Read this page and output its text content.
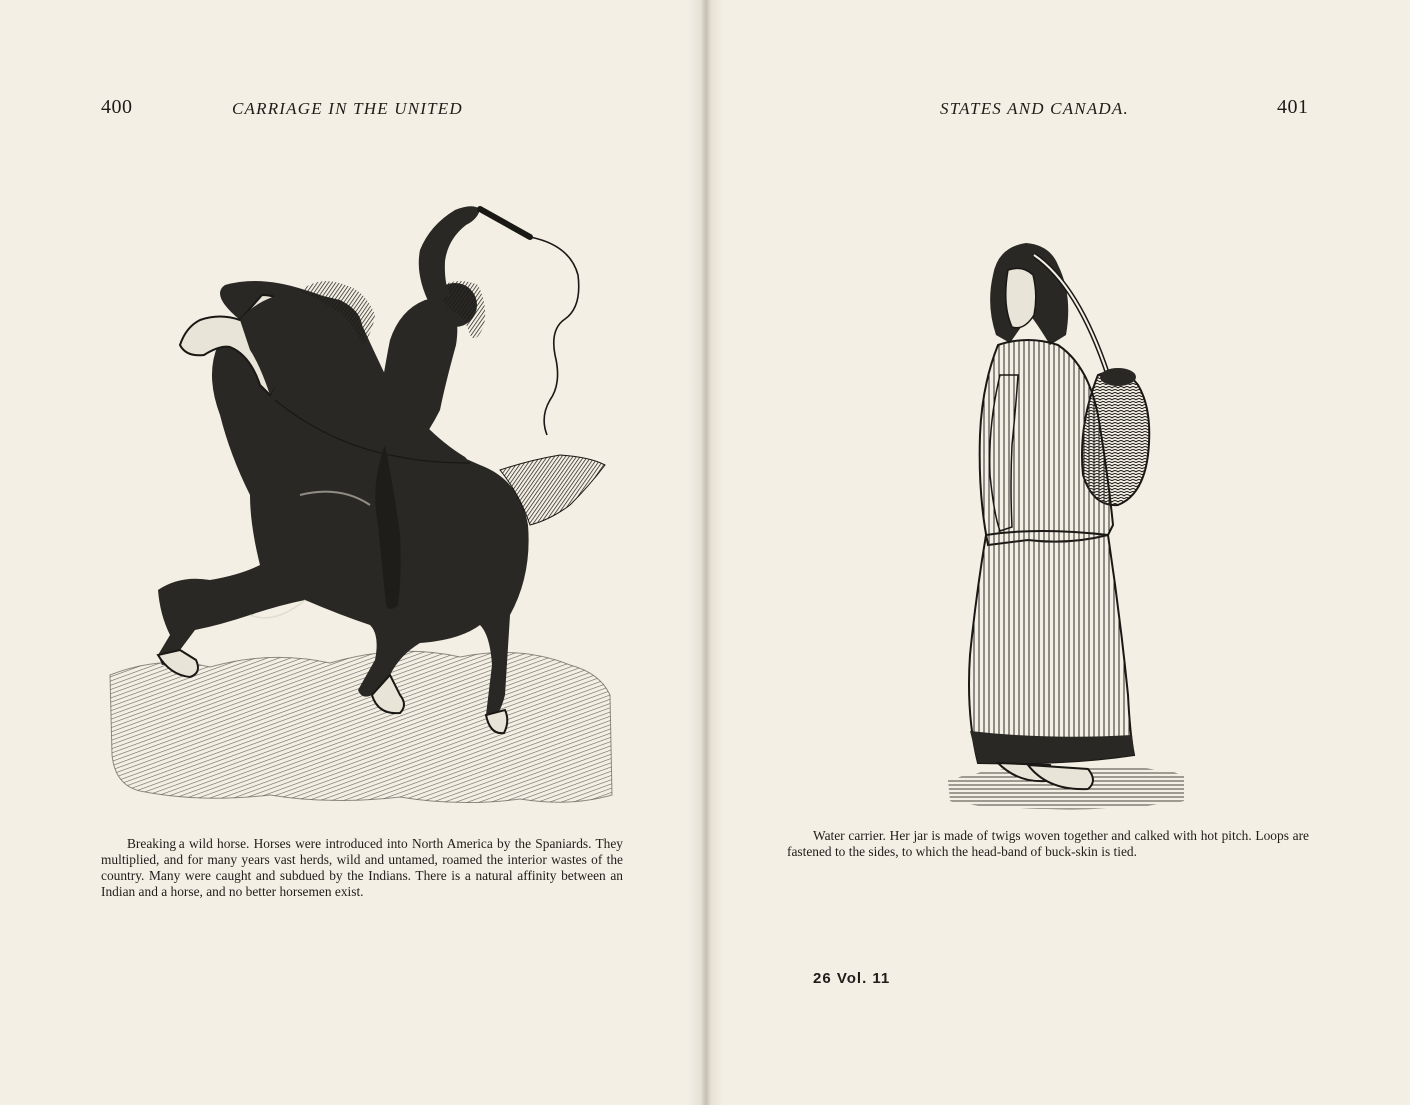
400	CARRIAGE IN THE UNITED

Breaking a wild horse. Horses were introduced into North America by the Spaniards. They multiplied, and for many years vast herds, wild and untamed, roamed the interior wastes of the country. Many were caught and subdued by the Indians. There is a natural affinity between an Indian and a horse, and no better horsemen exist.

STATES AND CANADA.	401

Water carrier. Her jar is made of twigs woven together and calked with hot pitch. Loops are fastened to the sides, to which the head-band of buck-skin is tied.

26 Vol. 11
